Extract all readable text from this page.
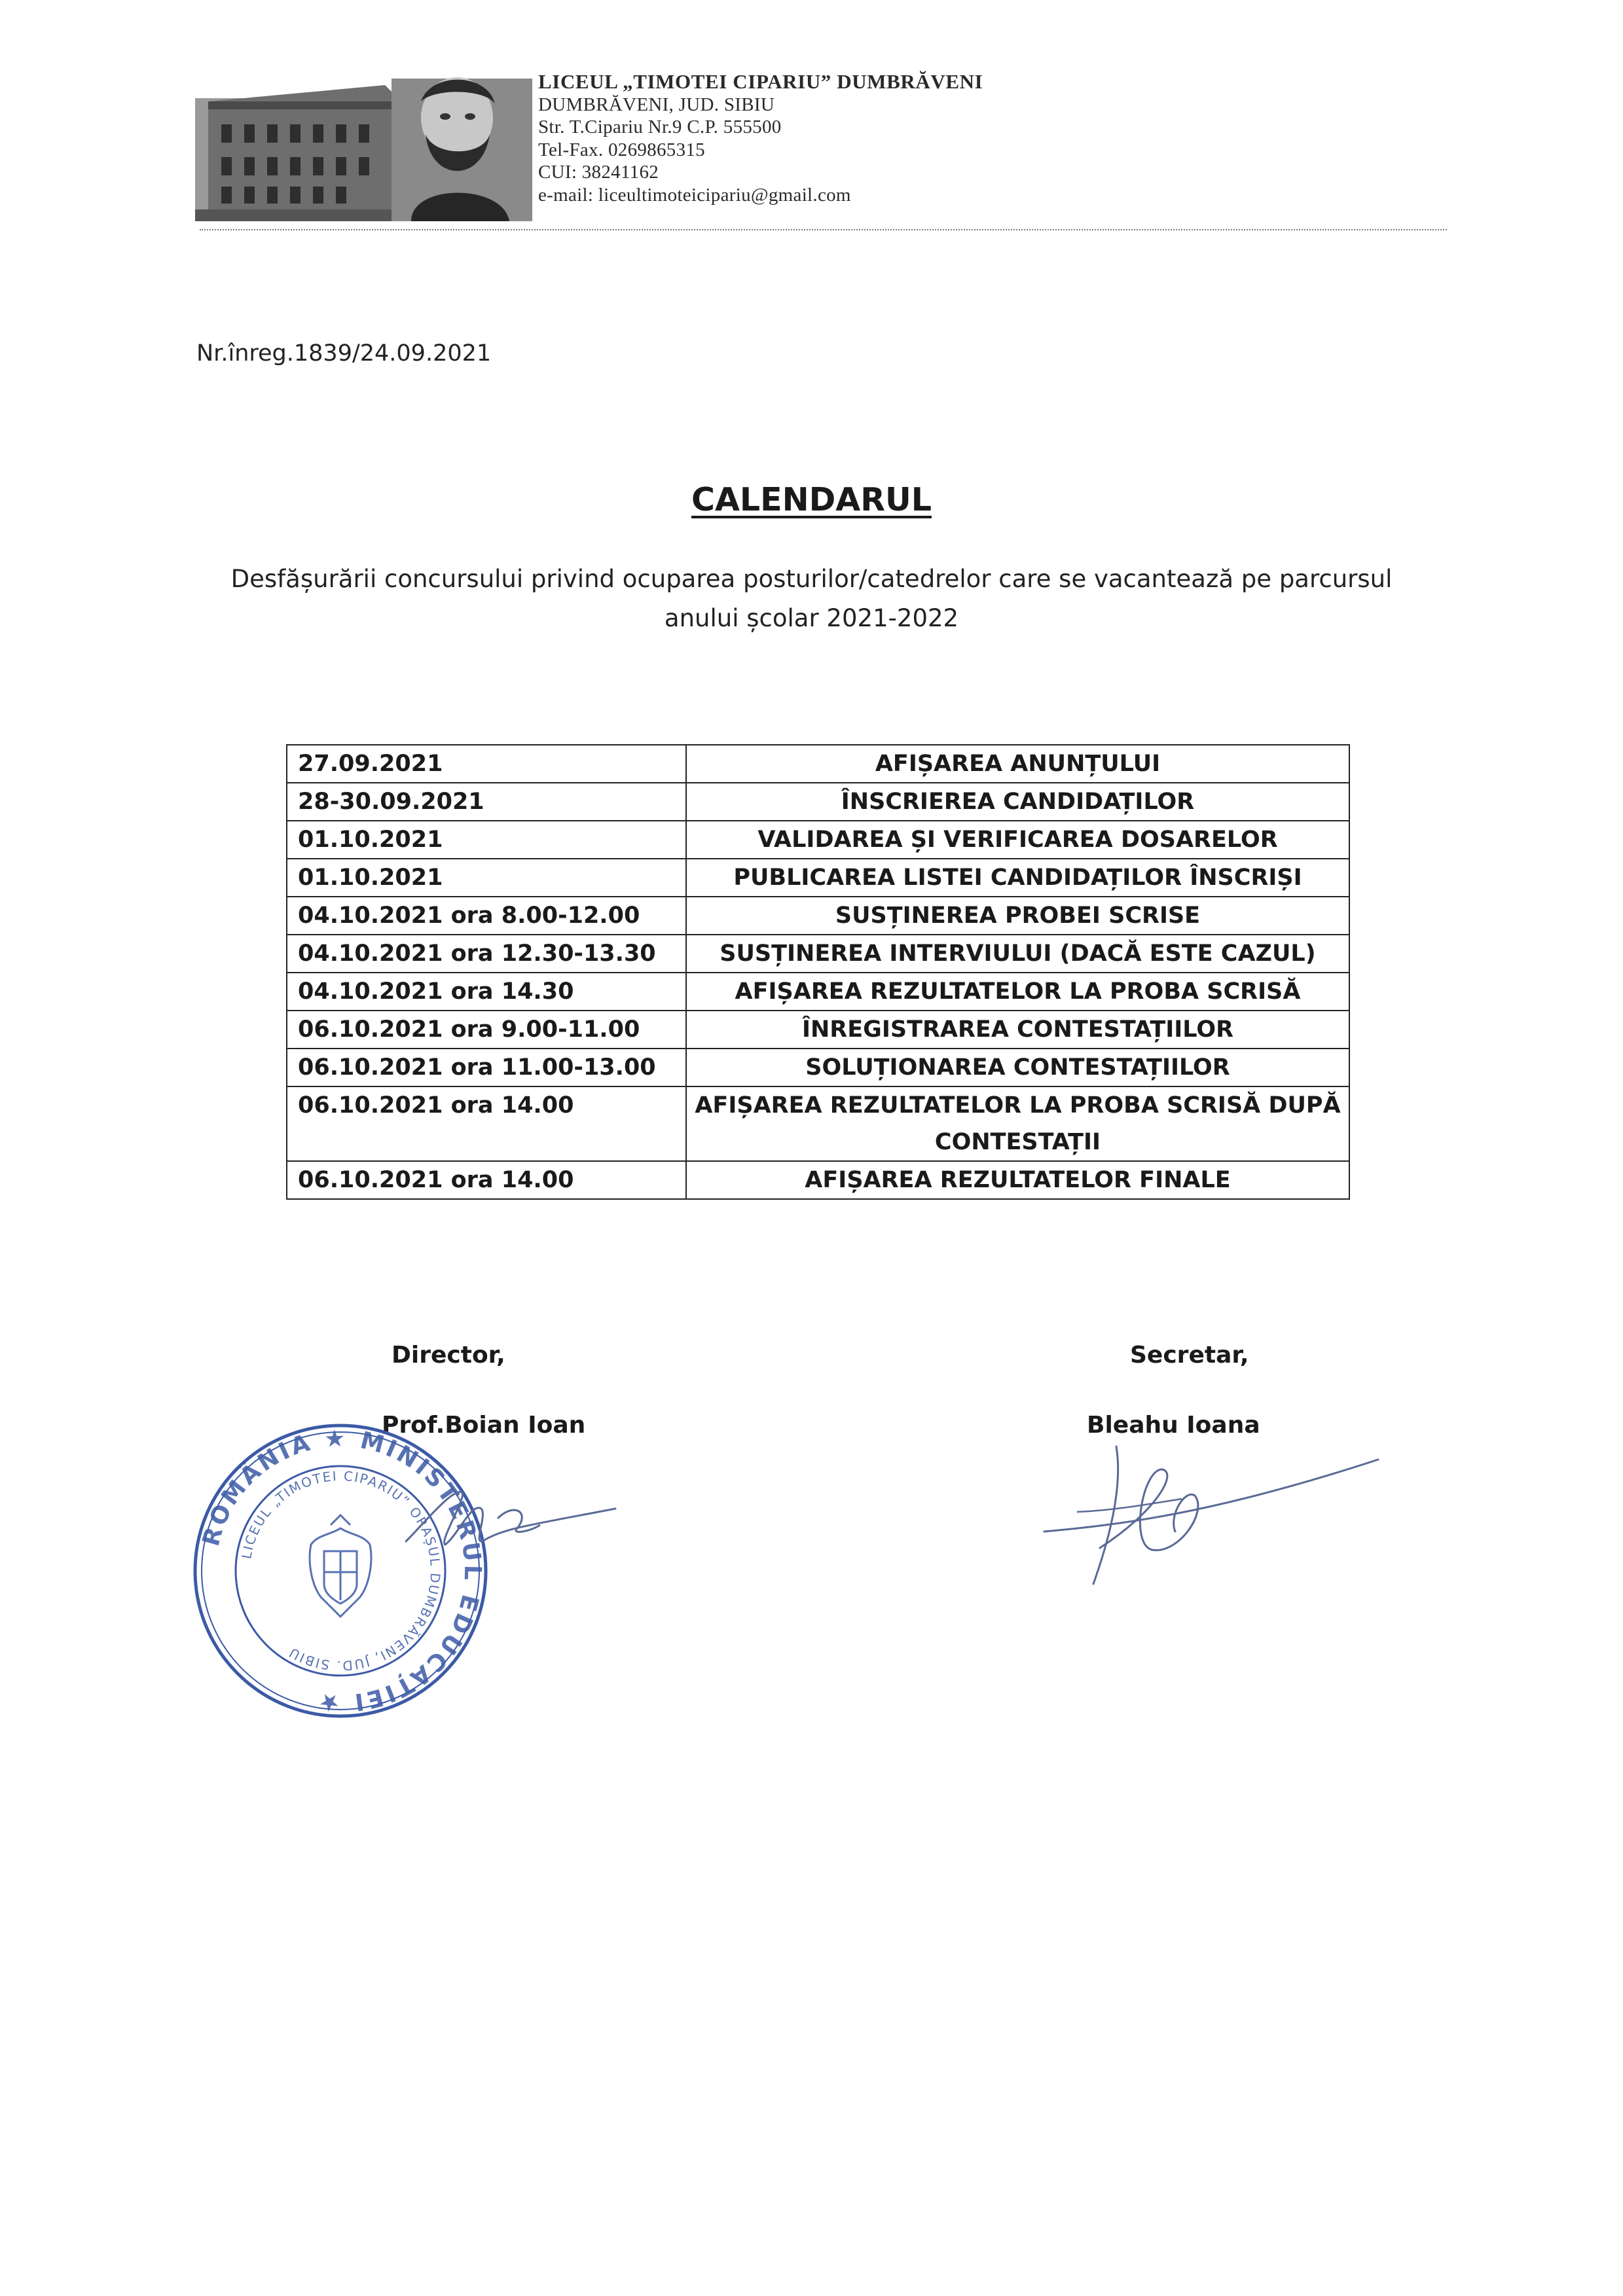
LICEUL „TIMOTEI CIPARIU” DUMBRĂVENI
DUMBRĂVENI, JUD. SIBIU
Str. T.Cipariu Nr.9 C.P. 555500
Tel-Fax. 0269865315
CUI: 38241162
e-mail: liceultimoteicipariu@gmail.com
Nr.înreg.1839/24.09.2021
CALENDARUL
Desfășurării concursului privind ocuparea posturilor/catedrelor care se vacantează pe parcursul anului școlar 2021-2022
27.09.2021	AFIȘAREA ANUNȚULUI
28-30.09.2021	ÎNSCRIEREA CANDIDAȚILOR
01.10.2021	VALIDAREA ȘI VERIFICAREA DOSARELOR
01.10.2021	PUBLICAREA LISTEI CANDIDAȚILOR ÎNSCRIȘI
04.10.2021 ora 8.00-12.00	SUSȚINEREA PROBEI SCRISE
04.10.2021 ora 12.30-13.30	SUSȚINEREA INTERVIULUI (DACĂ ESTE CAZUL)
04.10.2021 ora 14.30	AFIȘAREA REZULTATELOR LA PROBA SCRISĂ
06.10.2021 ora 9.00-11.00	ÎNREGISTRAREA CONTESTAȚIILOR
06.10.2021 ora 11.00-13.00	SOLUȚIONAREA CONTESTAȚIILOR
06.10.2021 ora 14.00	AFIȘAREA REZULTATELOR LA PROBA SCRISĂ DUPĂ CONTESTAȚII
06.10.2021 ora 14.00	AFIȘAREA REZULTATELOR FINALE
Director,
Prof.Boian Ioan
Secretar,
Bleahu Ioana
ROMÂNIA ★ MINISTERUL EDUCAȚIEI ★
LICEUL „TIMOTEI CIPARIU” ORAȘUL DUMBRĂVENI, JUD. SIBIU
